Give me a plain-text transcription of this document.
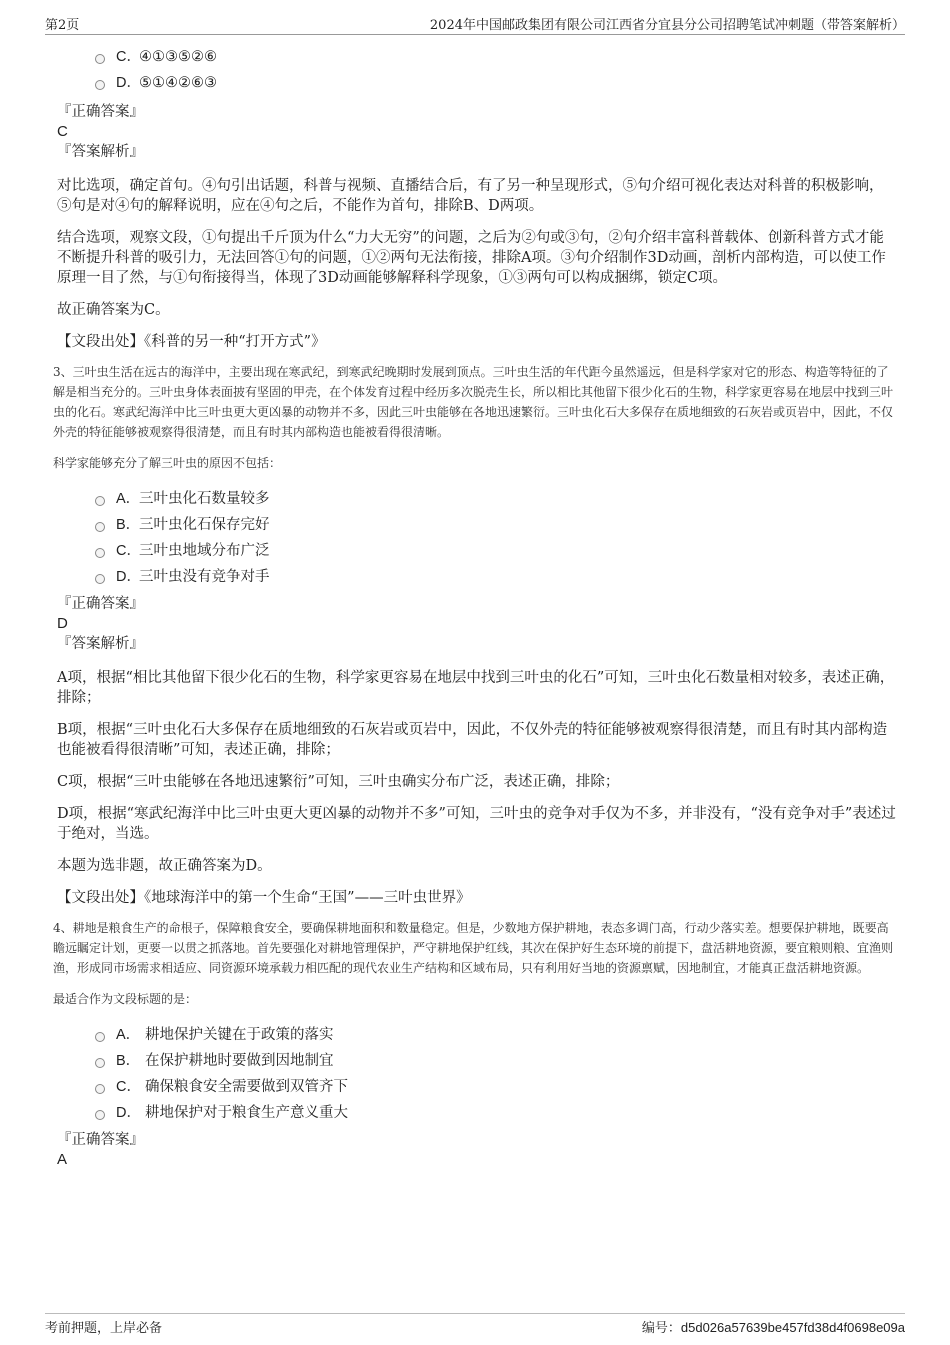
第2页	2024年中国邮政集团有限公司江西省分宜县分公司招聘笔试冲刺题（带答案解析）
C．
④①③⑤②⑥
D．
⑤①④②⑥③
『正确答案』
C
『答案解析』

对比选项，确定首句。④句引出话题，科普与视频、直播结合后，有了另一种呈现形式，⑤句介绍可视化表达对科普的积极影响，⑤句是对④句的解释说明，应在④句之后，不能作为首句，排除B、D两项。

结合选项，观察文段，①句提出千斤顶为什么“力大无穷”的问题，之后为②句或③句，②句介绍丰富科普载体、创新科普方式才能不断提升科普的吸引力，无法回答①句的问题，①②两句无法衔接，排除A项。③句介绍制作3D动画，剖析内部构造，可以使工作原理一目了然，与①句衔接得当，体现了3D动画能够解释科学现象，①③两句可以构成捆绑，锁定C项。

故正确答案为C。

【文段出处】《科普的另一种“打开方式”》

3、三叶虫生活在远古的海洋中，主要出现在寒武纪，到寒武纪晚期时发展到顶点。三叶虫生活的年代距今虽然遥远，但是科学家对它的形态、构造等特征的了解是相当充分的。三叶虫身体表面披有坚固的甲壳，在个体发育过程中经历多次脱壳生长，所以相比其他留下很少化石的生物，科学家更容易在地层中找到三叶虫的化石。寒武纪海洋中比三叶虫更大更凶暴的动物并不多，因此三叶虫能够在各地迅速繁衍。三叶虫化石大多保存在质地细致的石灰岩或页岩中，因此，不仅外壳的特征能够被观察得很清楚，而且有时其内部构造也能被看得很清晰。

科学家能够充分了解三叶虫的原因不包括：

A．
三叶虫化石数量较多
B．
三叶虫化石保存完好
C．
三叶虫地域分布广泛
D．
三叶虫没有竞争对手
『正确答案』
D
『答案解析』

A项，根据“相比其他留下很少化石的生物，科学家更容易在地层中找到三叶虫的化石”可知，三叶虫化石数量相对较多，表述正确，排除；

B项，根据“三叶虫化石大多保存在质地细致的石灰岩或页岩中，因此，不仅外壳的特征能够被观察得很清楚，而且有时其内部构造也能被看得很清晰”可知，表述正确，排除；

C项，根据“三叶虫能够在各地迅速繁衍”可知，三叶虫确实分布广泛，表述正确，排除；

D项，根据“寒武纪海洋中比三叶虫更大更凶暴的动物并不多”可知，三叶虫的竞争对手仅为不多，并非没有，“没有竞争对手”表述过于绝对，当选。

本题为选非题，故正确答案为D。

【文段出处】《地球海洋中的第一个生命“王国”——三叶虫世界》

4、耕地是粮食生产的命根子，保障粮食安全，要确保耕地面积和数量稳定。但是，少数地方保护耕地，表态多调门高，行动少落实差。想要保护耕地，既要高瞻远瞩定计划，更要一以贯之抓落地。首先要强化对耕地管理保护，严守耕地保护红线，其次在保护好生态环境的前提下，盘活耕地资源，要宜粮则粮、宜渔则渔，形成同市场需求相适应、同资源环境承载力相匹配的现代农业生产结构和区域布局，只有利用好当地的资源禀赋，因地制宜，才能真正盘活耕地资源。

最适合作为文段标题的是：

A． 耕地保护关键在于政策的落实
B． 在保护耕地时要做到因地制宜
C． 确保粮食安全需要做到双管齐下
D． 耕地保护对于粮食生产意义重大
『正确答案』
A
考前押题，上岸必备	编号：d5d026a57639be457fd38d4f0698e09a
